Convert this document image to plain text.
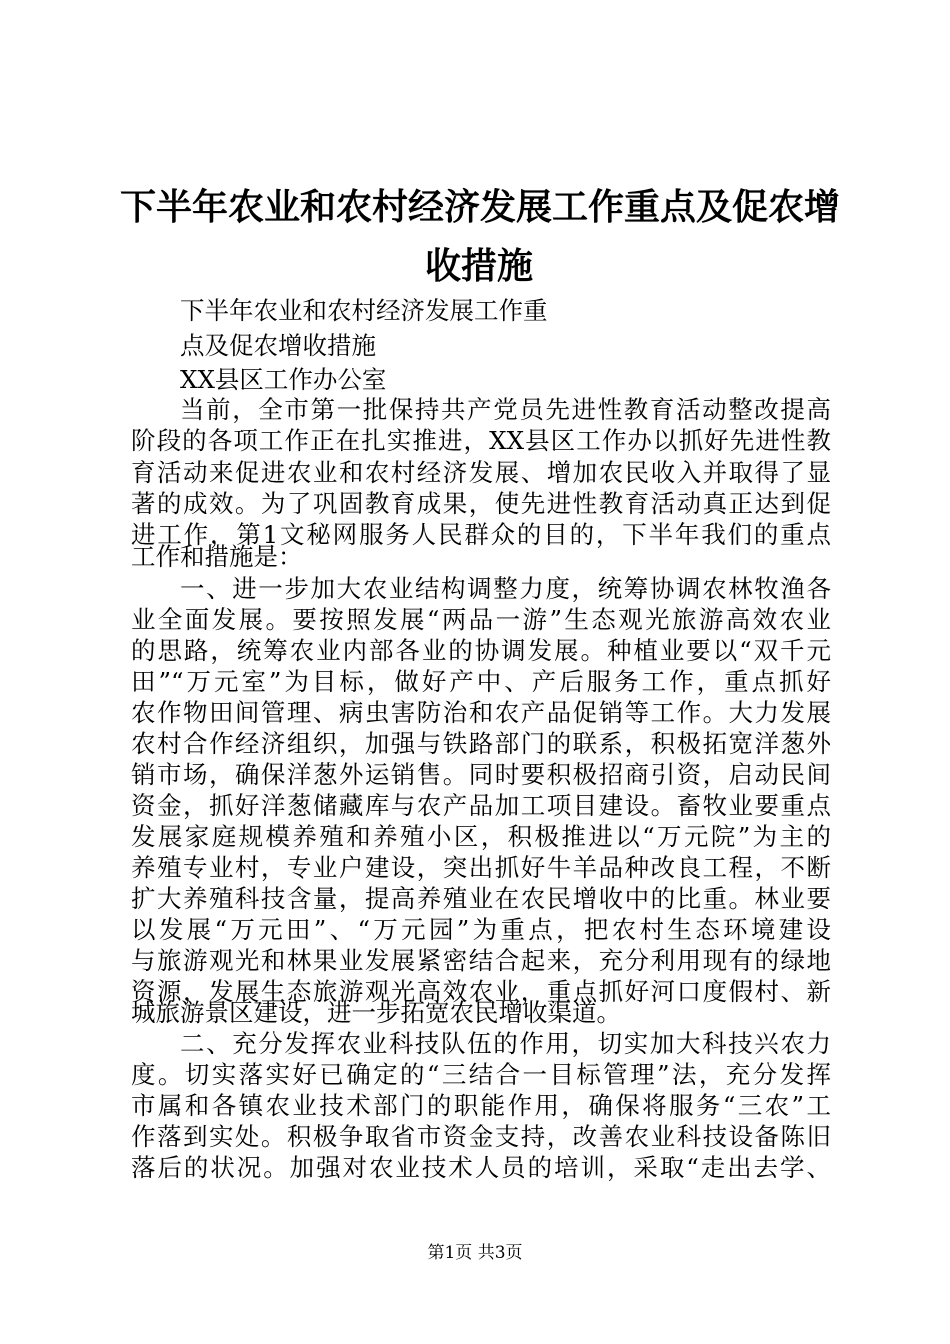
下半年农业和农村经济发展工作重点及促农增
收措施

下半年农业和农村经济发展工作重

点及促农增收措施

XX县区工作办公室

当前，全市第一批保持共产党员先进性教育活动整改提高

阶段的各项工作正在扎实推进，XX县区工作办以抓好先进性教

育活动来促进农业和农村经济发展、增加农民收入并取得了显

著的成效。为了巩固教育成果，使先进性教育活动真正达到促

进工作，第1文秘网服务人民群众的目的，下半年我们的重点

工作和措施是：

一、进一步加大农业结构调整力度，统筹协调农林牧渔各

业全面发展。要按照发展“两品一游”生态观光旅游高效农业

的思路，统筹农业内部各业的协调发展。种植业要以“双千元

田”“万元室”为目标，做好产中、产后服务工作，重点抓好

农作物田间管理、病虫害防治和农产品促销等工作。大力发展

农村合作经济组织，加强与铁路部门的联系，积极拓宽洋葱外

销市场，确保洋葱外运销售。同时要积极招商引资，启动民间

资金，抓好洋葱储藏库与农产品加工项目建设。畜牧业要重点

发展家庭规模养殖和养殖小区，积极推进以“万元院”为主的

养殖专业村，专业户建设，突出抓好牛羊品种改良工程，不断

扩大养殖科技含量，提高养殖业在农民增收中的比重。林业要

以发展“万元田”、“万元园”为重点，把农村生态环境建设

与旅游观光和林果业发展紧密结合起来，充分利用现有的绿地

资源，发展生态旅游观光高效农业，重点抓好河口度假村、新

城旅游景区建设，进一步拓宽农民增收渠道。

二、充分发挥农业科技队伍的作用，切实加大科技兴农力

度。切实落实好已确定的“三结合一目标管理”法，充分发挥

市属和各镇农业技术部门的职能作用，确保将服务“三农”工

作落到实处。积极争取省市资金支持，改善农业科技设备陈旧

落后的状况。加强对农业技术人员的培训，采取“走出去学、

第1页 共3页
